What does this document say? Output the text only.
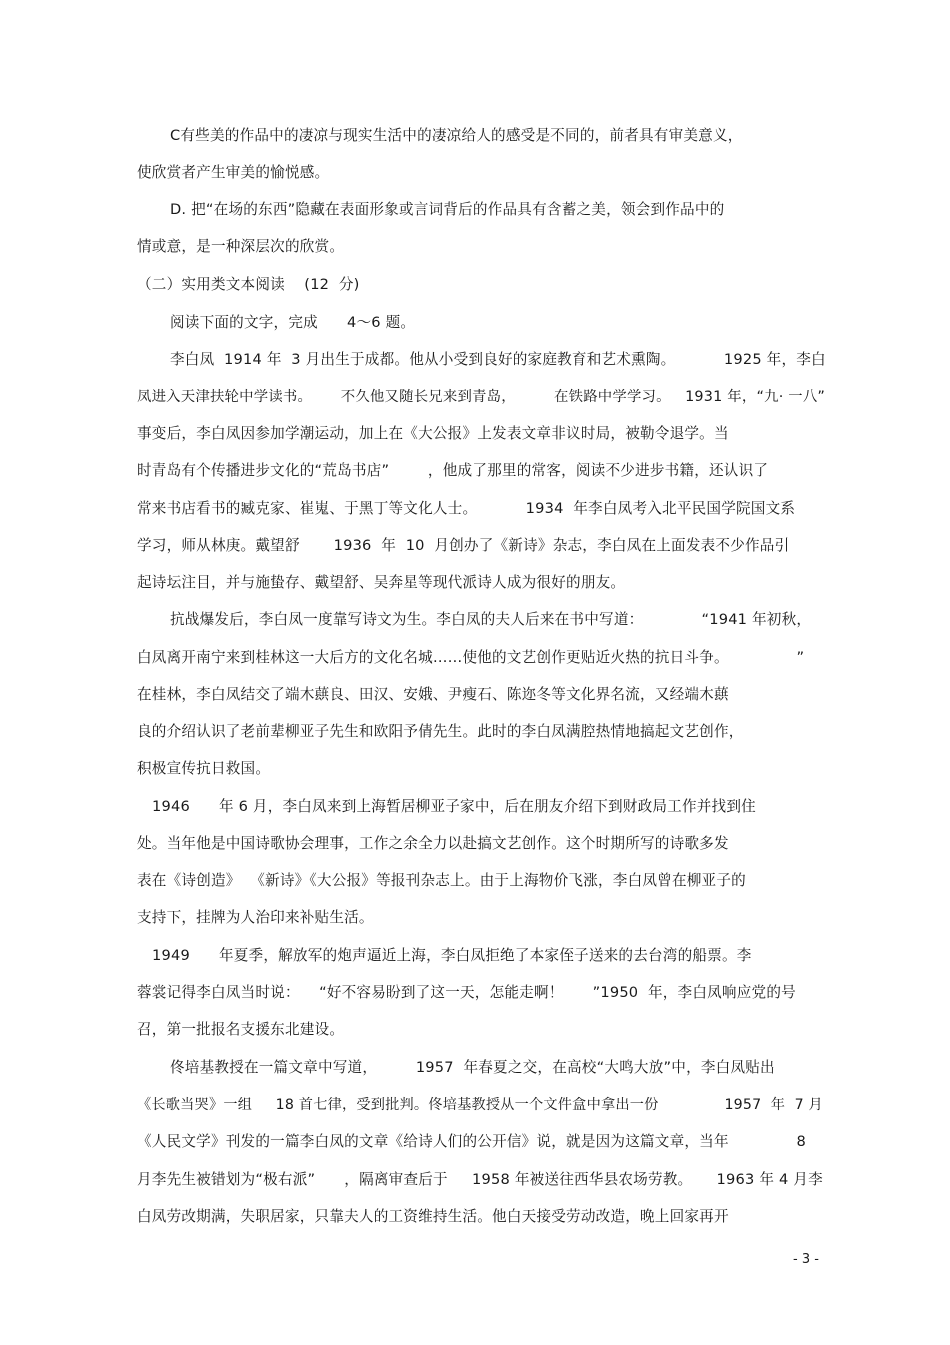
C有些美的作品中的凄凉与现实生活中的凄凉给人的感受是不同的，前者具有审美意义，
使欣赏者产生审美的愉悦感。
D. 把“在场的东西”隐藏在表面形象或言词背后的作品具有含蓄之美，领会到作品中的
情或意，是一种深层次的欣赏。
（二）实用类文本阅读    (12  分)
阅读下面的文字，完成      4～6 题。
李白凤  1914 年  3 月出生于成都。他从小受到良好的家庭教育和艺术熏陶。          1925 年，李白
凤进入天津扶轮中学读书。      不久他又随长兄来到青岛，        在铁路中学学习。   1931 年，“九· 一八”
事变后，李白凤因参加学潮运动，加上在《大公报》上发表文章非议时局，被勒令退学。当
时青岛有个传播进步文化的“荒岛书店”        ，他成了那里的常客，阅读不少进步书籍，还认识了
常来书店看书的臧克家、崔嵬、于黑丁等文化人士。          1934  年李白凤考入北平民国学院国文系
学习，师从林庚。戴望舒       1936  年  10  月创办了《新诗》杂志，李白凤在上面发表不少作品引
起诗坛注目，并与施蛰存、戴望舒、吴奔星等现代派诗人成为很好的朋友。
抗战爆发后，李白凤一度靠写诗文为生。李白凤的夫人后来在书中写道：            “1941 年初秋，
白凤离开南宁来到桂林这一大后方的文化名城……使他的文艺创作更贴近火热的抗日斗争。              ”
在桂林，李白凤结交了端木蕻良、田汉、安娥、尹瘦石、陈迩冬等文化界名流，又经端木蕻
良的介绍认识了老前辈柳亚子先生和欧阳予倩先生。此时的李白凤满腔热情地搞起文艺创作，
积极宣传抗日救国。
1946      年 6 月，李白凤来到上海暂居柳亚子家中，后在朋友介绍下到财政局工作并找到住
处。当年他是中国诗歌协会理事，工作之余全力以赴搞文艺创作。这个时期所写的诗歌多发
表在《诗创造》  《新诗》《大公报》等报刊杂志上。由于上海物价飞涨，李白凤曾在柳亚子的
支持下，挂牌为人治印来补贴生活。
1949      年夏季，解放军的炮声逼近上海，李白凤拒绝了本家侄子送来的去台湾的船票。李
蓉裳记得李白凤当时说：    “好不容易盼到了这一天，怎能走啊！      ”1950  年，李白凤响应党的号
召，第一批报名支援东北建设。
佟培基教授在一篇文章中写道，        1957  年春夏之交，在高校“大鸣大放”中，李白凤贴出
《长歌当哭》一组     18 首七律，受到批判。佟培基教授从一个文件盒中拿出一份              1957  年  7 月
《人民文学》刊发的一篇李白凤的文章《给诗人们的公开信》说，就是因为这篇文章，当年              8
月李先生被错划为“极右派”      ，隔离审查后于     1958 年被送往西华县农场劳教。     1963 年 4 月李
白凤劳改期满，失职居家，只靠夫人的工资维持生活。他白天接受劳动改造，晚上回家再开
- 3 -
